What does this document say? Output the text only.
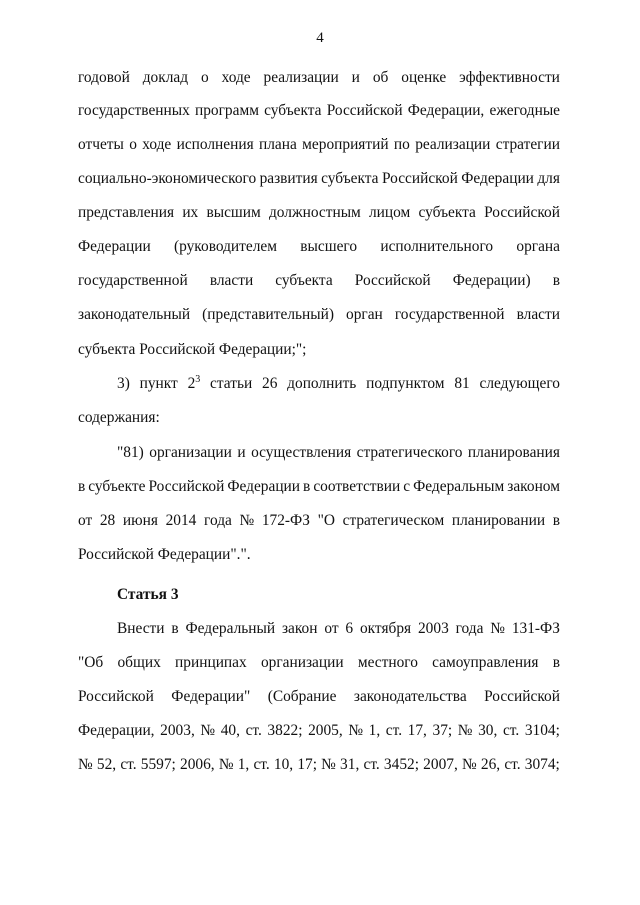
4
годовой доклад о ходе реализации и об оценке эффективности
государственных программ субъекта Российской Федерации, ежегодные
отчеты о ходе исполнения плана мероприятий по реализации стратегии
социально-экономического развития субъекта Российской Федерации для
представления их высшим должностным лицом субъекта Российской
Федерации (руководителем высшего исполнительного органа
государственной власти субъекта Российской Федерации) в
законодательный (представительный) орган государственной власти
субъекта Российской Федерации;";
3) пункт $2^3$ статьи 26 дополнить подпунктом 81 следующего
содержания:
"81) организации и осуществления стратегического планирования
в субъекте Российской Федерации в соответствии с Федеральным законом
от 28 июня 2014 года № 172-ФЗ "О стратегическом планировании в
Российской Федерации".".
Статья 3
Внести в Федеральный закон от 6 октября 2003 года № 131-ФЗ
"Об общих принципах организации местного самоуправления в
Российской Федерации" (Собрание законодательства Российской
Федерации, 2003, № 40, ст. 3822; 2005, № 1, ст. 17, 37; № 30, ст. 3104;
№ 52, ст. 5597; 2006, № 1, ст. 10, 17; № 31, ст. 3452; 2007, № 26, ст. 3074;
